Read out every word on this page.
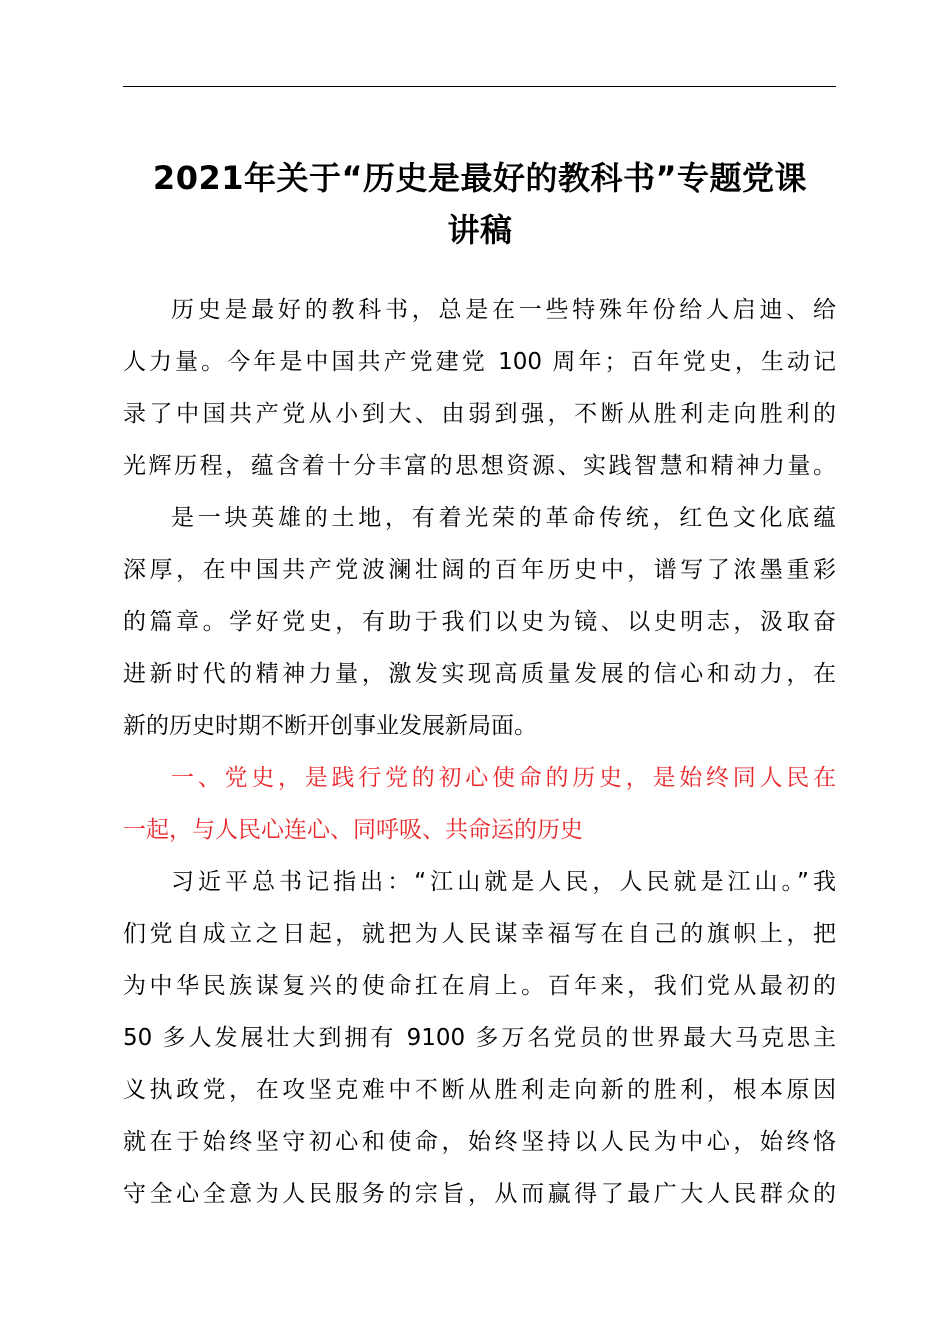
2021年关于“历史是最好的教科书”专题党课
讲稿

历史是最好的教科书，总是在一些特殊年份给人启迪、给
人力量。今年是中国共产党建党 100 周年；百年党史，生动记
录了中国共产党从小到大、由弱到强，不断从胜利走向胜利的
光辉历程，蕴含着十分丰富的思想资源、实践智慧和精神力量。

是一块英雄的土地，有着光荣的革命传统，红色文化底蕴
深厚，在中国共产党波澜壮阔的百年历史中，谱写了浓墨重彩
的篇章。学好党史，有助于我们以史为镜、以史明志，汲取奋
进新时代的精神力量，激发实现高质量发展的信心和动力，在
新的历史时期不断开创事业发展新局面。

一、党史，是践行党的初心使命的历史，是始终同人民在
一起，与人民心连心、同呼吸、共命运的历史

习近平总书记指出：“江山就是人民，人民就是江山。”我
们党自成立之日起，就把为人民谋幸福写在自己的旗帜上，把
为中华民族谋复兴的使命扛在肩上。百年来，我们党从最初的
50 多人发展壮大到拥有 9100 多万名党员的世界最大马克思主
义执政党，在攻坚克难中不断从胜利走向新的胜利，根本原因
就在于始终坚守初心和使命，始终坚持以人民为中心，始终恪
守全心全意为人民服务的宗旨，从而赢得了最广大人民群众的
